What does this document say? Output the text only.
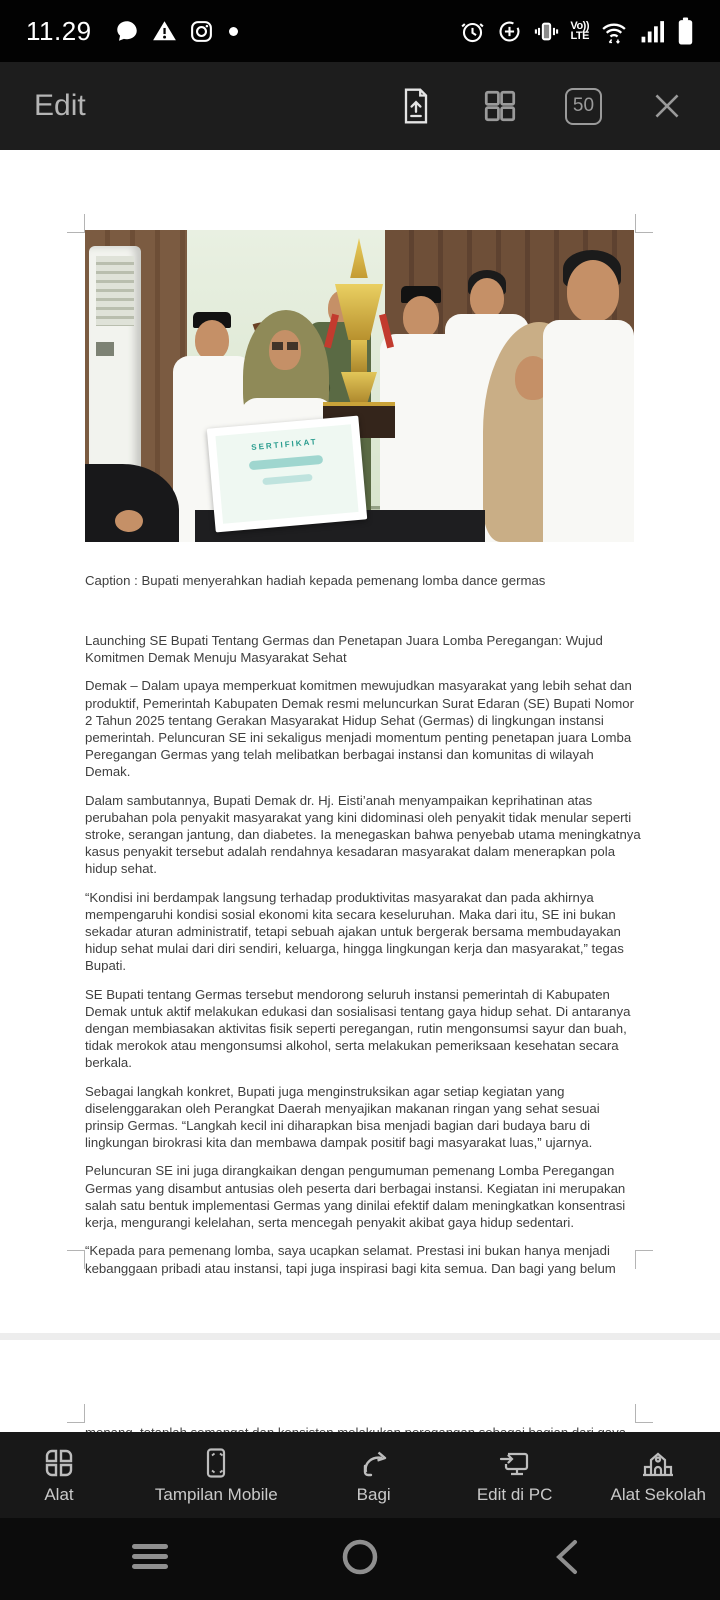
11.29	Vo))
LTE
Edit	50
SERTIFIKAT

Caption : Bupati menyerahkan hadiah kepada pemenang lomba dance germas

Launching SE Bupati Tentang Germas dan Penetapan Juara Lomba Peregangan: Wujud Komitmen Demak Menuju Masyarakat Sehat

Demak – Dalam upaya memperkuat komitmen mewujudkan masyarakat yang lebih sehat dan produktif, Pemerintah Kabupaten Demak resmi meluncurkan Surat Edaran (SE) Bupati Nomor 2 Tahun 2025 tentang Gerakan Masyarakat Hidup Sehat (Germas) di lingkungan instansi pemerintah. Peluncuran SE ini sekaligus menjadi momentum penting penetapan juara Lomba Peregangan Germas yang telah melibatkan berbagai instansi dan komunitas di wilayah Demak.

Dalam sambutannya, Bupati Demak dr. Hj. Eisti’anah menyampaikan keprihatinan atas perubahan pola penyakit masyarakat yang kini didominasi oleh penyakit tidak menular seperti stroke, serangan jantung, dan diabetes. Ia menegaskan bahwa penyebab utama meningkatnya kasus penyakit tersebut adalah rendahnya kesadaran masyarakat dalam menerapkan pola hidup sehat.

“Kondisi ini berdampak langsung terhadap produktivitas masyarakat dan pada akhirnya mempengaruhi kondisi sosial ekonomi kita secara keseluruhan. Maka dari itu, SE ini bukan sekadar aturan administratif, tetapi sebuah ajakan untuk bergerak bersama membudayakan hidup sehat mulai dari diri sendiri, keluarga, hingga lingkungan kerja dan masyarakat,” tegas Bupati.

SE Bupati tentang Germas tersebut mendorong seluruh instansi pemerintah di Kabupaten Demak untuk aktif melakukan edukasi dan sosialisasi tentang gaya hidup sehat. Di antaranya dengan membiasakan aktivitas fisik seperti peregangan, rutin mengonsumsi sayur dan buah, tidak merokok atau mengonsumsi alkohol, serta melakukan pemeriksaan kesehatan secara berkala.

Sebagai langkah konkret, Bupati juga menginstruksikan agar setiap kegiatan yang diselenggarakan oleh Perangkat Daerah menyajikan makanan ringan yang sehat sesuai prinsip Germas. “Langkah kecil ini diharapkan bisa menjadi bagian dari budaya baru di lingkungan birokrasi kita dan membawa dampak positif bagi masyarakat luas,” ujarnya.

Peluncuran SE ini juga dirangkaikan dengan pengumuman pemenang Lomba Peregangan Germas yang disambut antusias oleh peserta dari berbagai instansi. Kegiatan ini merupakan salah satu bentuk implementasi Germas yang dinilai efektif dalam meningkatkan konsentrasi kerja, mengurangi kelelahan, serta mencegah penyakit akibat gaya hidup sedentari.

“Kepada para pemenang lomba, saya ucapkan selamat. Prestasi ini bukan hanya menjadi kebanggaan pribadi atau instansi, tapi juga inspirasi bagi kita semua. Dan bagi yang belum

Alat	Tampilan Mobile	Bagi	Edit di PC	Alat Sekolah
